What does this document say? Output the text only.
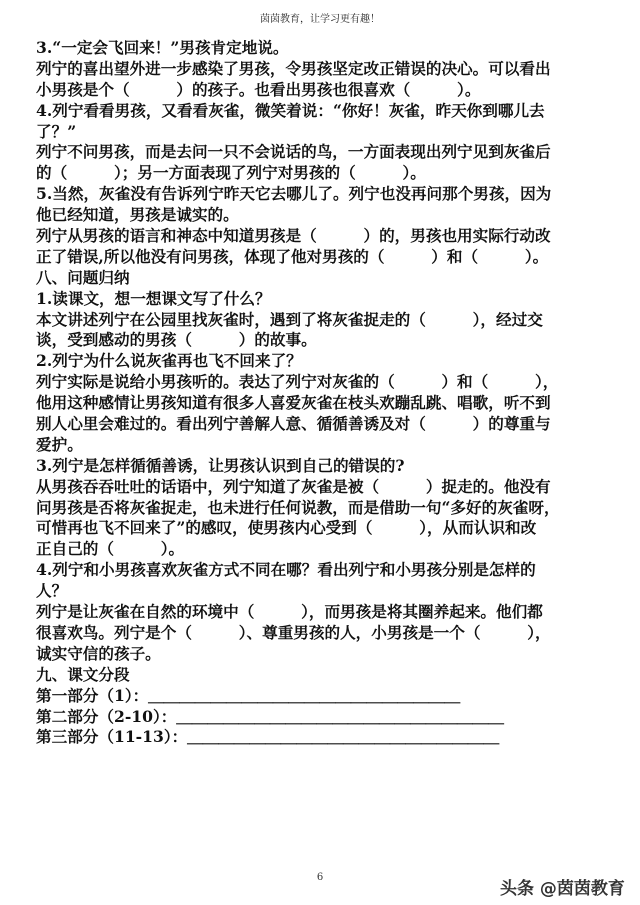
茵茵教育，让学习更有趣！
3.“一定会飞回来！”男孩肯定地说。
列宁的喜出望外进一步感染了男孩，令男孩坚定改正错误的决心。可以看出
小男孩是个（　　　）的孩子。也看出男孩也很喜欢（　　　）。
4.列宁看看男孩，又看看灰雀，微笑着说：“你好！灰雀，昨天你到哪儿去
了？”
列宁不问男孩，而是去问一只不会说话的鸟，一方面表现出列宁见到灰雀后
的（　　　）；另一方面表现了列宁对男孩的（　　　）。
5.当然，灰雀没有告诉列宁昨天它去哪儿了。列宁也没再问那个男孩，因为
他已经知道，男孩是诚实的。
列宁从男孩的语言和神态中知道男孩是（　　　）的，男孩也用实际行动改
正了错误,所以他没有问男孩，体现了他对男孩的（　　　）和（　　　）。
八、问题归纳
1.读课文，想一想课文写了什么？
本文讲述列宁在公园里找灰雀时，遇到了将灰雀捉走的（　　　），经过交
谈，受到感动的男孩（　　　）的故事。
2.列宁为什么说灰雀再也飞不回来了？
列宁实际是说给小男孩听的。表达了列宁对灰雀的（　　　）和（　　　），
他用这种感情让男孩知道有很多人喜爱灰雀在枝头欢蹦乱跳、唱歌，听不到
别人心里会难过的。看出列宁善解人意、循循善诱及对（　　　）的尊重与
爱护。
3.列宁是怎样循循善诱，让男孩认识到自己的错误的?
从男孩吞吞吐吐的话语中，列宁知道了灰雀是被（　　　）捉走的。他没有
问男孩是否将灰雀捉走，也未进行任何说教，而是借助一句“多好的灰雀呀，
可惜再也飞不回来了”的感叹，使男孩内心受到（　　　），从而认识和改
正自己的（　　　）。
4.列宁和小男孩喜欢灰雀方式不同在哪？看出列宁和小男孩分别是怎样的
人？
列宁是让灰雀在自然的环境中（　　　），而男孩是将其圈养起来。他们都
很喜欢鸟。列宁是个（　　　）、尊重男孩的人，小男孩是一个（　　　），
诚实守信的孩子。
九、课文分段
第一部分（1）：＿＿＿＿＿＿＿＿＿＿＿＿＿＿＿＿＿＿＿＿
第二部分（2-10）：＿＿＿＿＿＿＿＿＿＿＿＿＿＿＿＿＿＿＿＿＿
第三部分（11-13）：＿＿＿＿＿＿＿＿＿＿＿＿＿＿＿＿＿＿＿＿
6
头条 @茵茵教育
